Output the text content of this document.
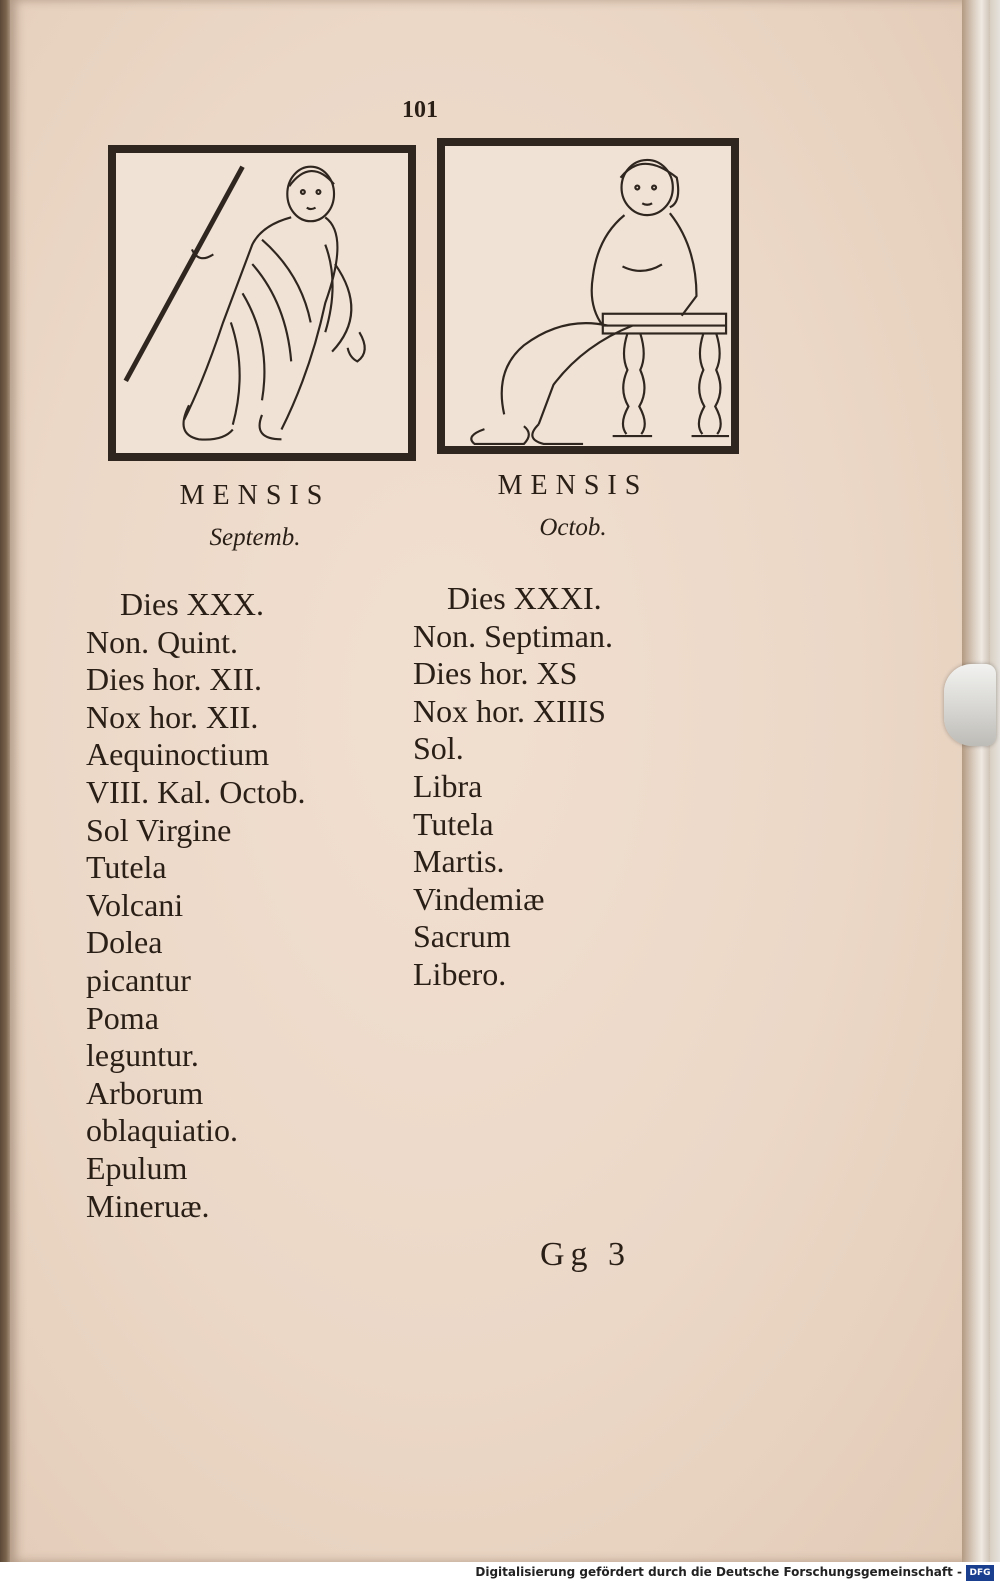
101
MENSIS
Septemb.
MENSIS
Octob.
Dies XXX.
Non. Quint.
Dies hor. XII.
Nox hor. XII.
Aequinoctium
VIII. Kal. Octob.
Sol Virgine
Tutela
Volcani
Dolea
picantur
Poma
leguntur.
Arborum
oblaquiatio.
Epulum
Mineruæ.
Dies XXXI.
Non. Septiman.
Dies hor. XS
Nox hor. XIIIS
Sol.
Libra
Tutela
Martis.
Vindemiæ
Sacrum
Libero.
Gg 3
Digitalisierung gefördert durch die Deutsche Forschungsgemeinschaft - DFG
